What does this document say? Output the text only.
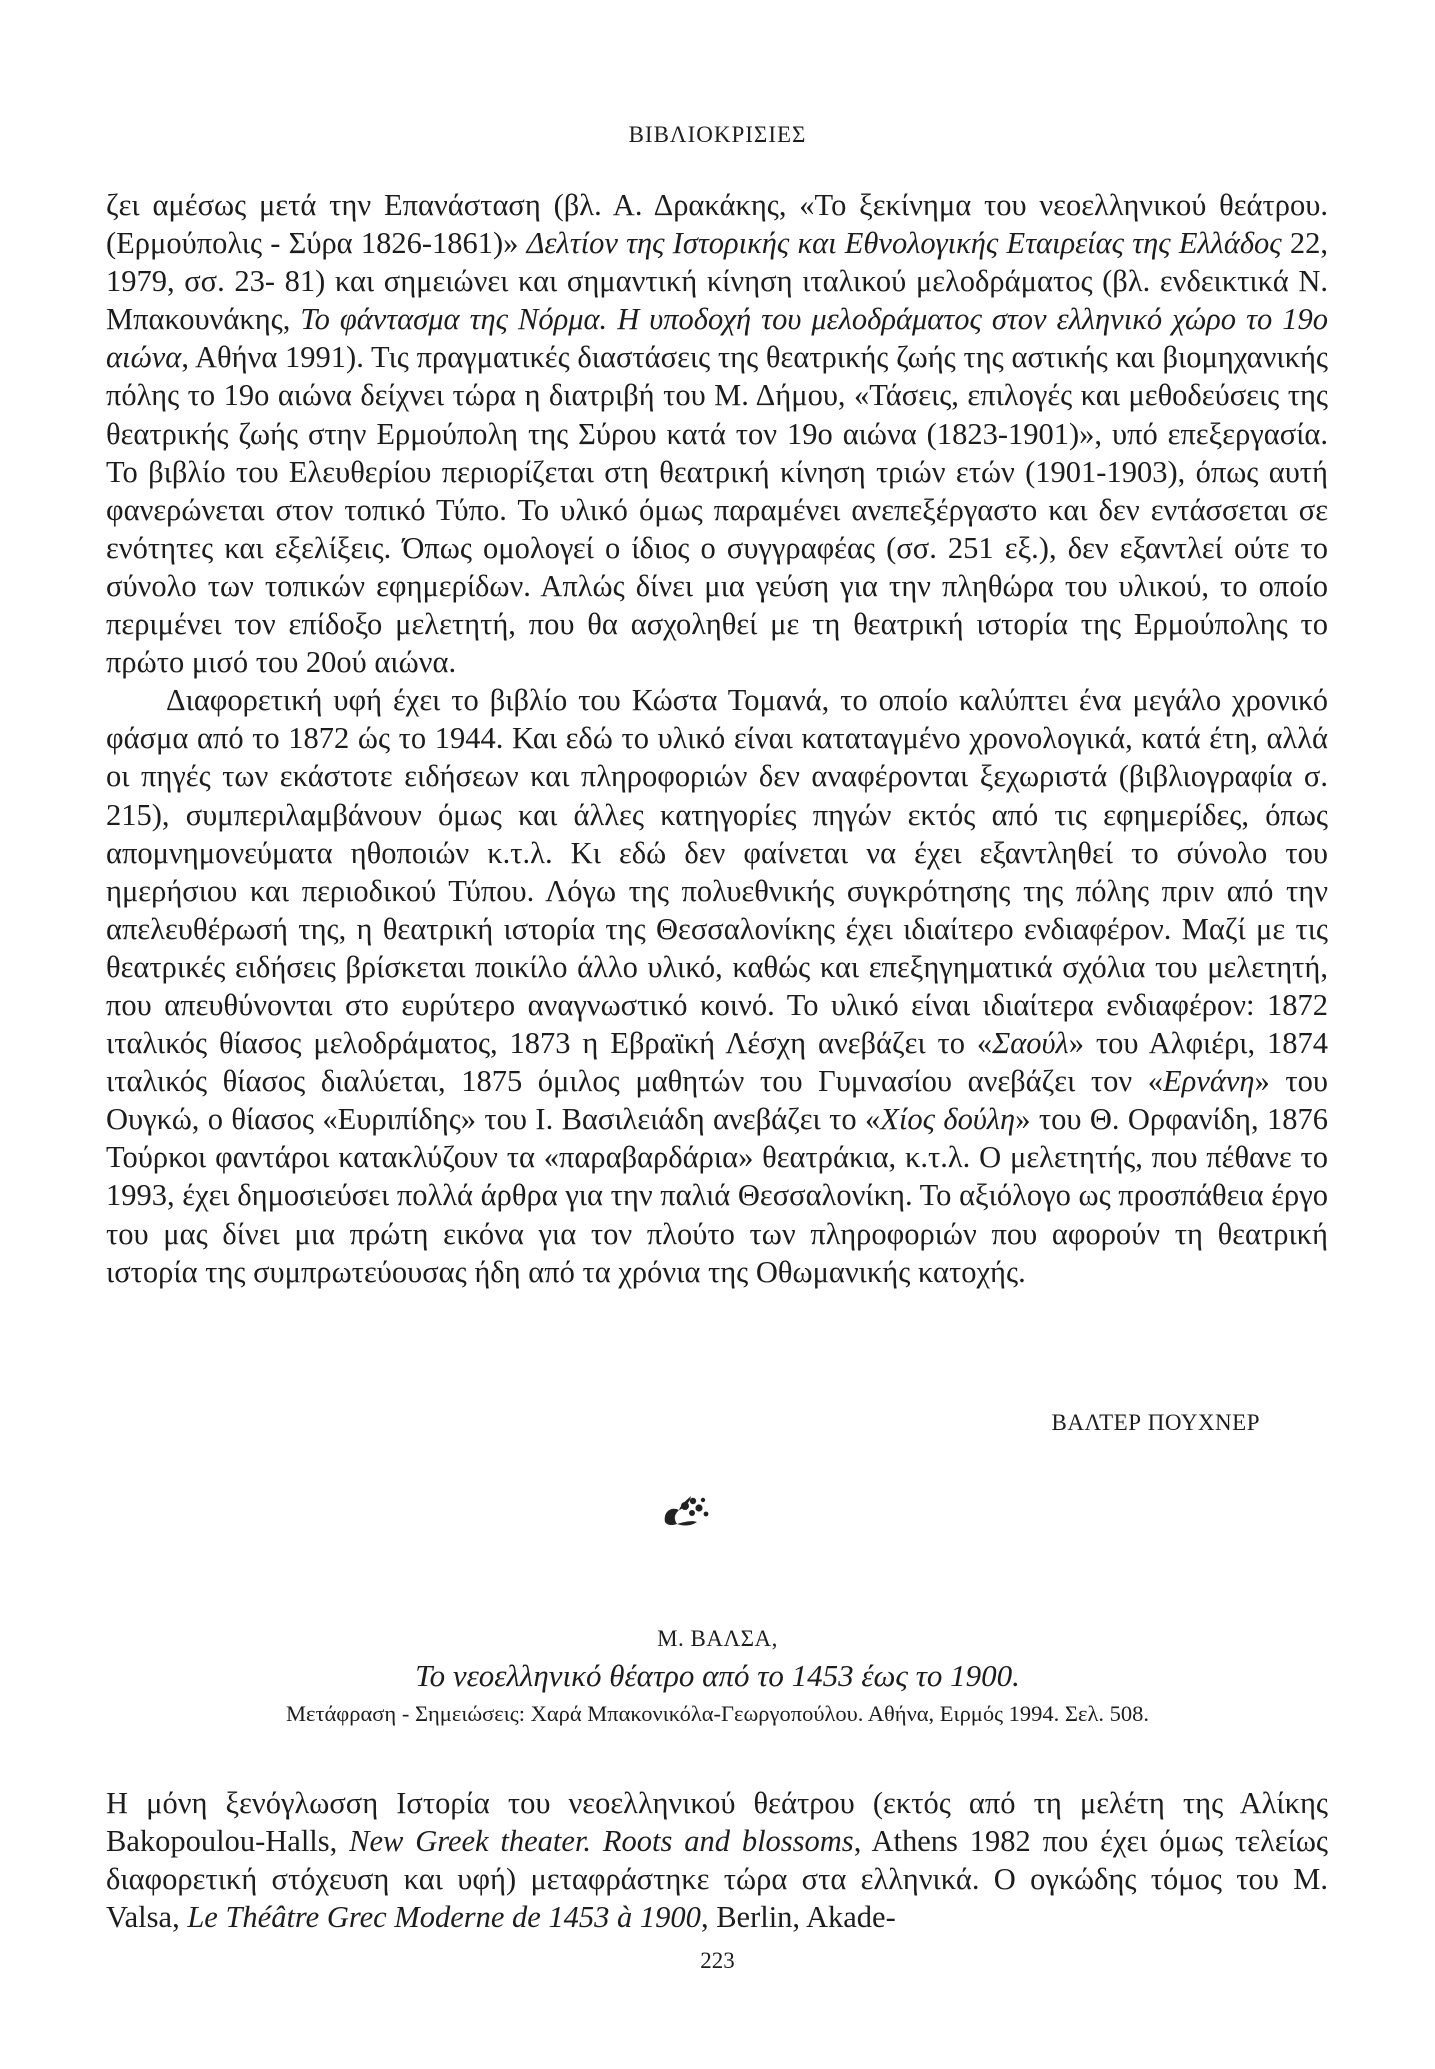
ΒΙΒΛΙΟΚΡΙΣΙΕΣ

ζει αμέσως μετά την Επανάσταση (βλ. Α. Δρακάκης, «Το ξεκίνημα του νεοελληνικού θεάτρου. (Ερμούπολις - Σύρα 1826-1861)» Δελτίον της Ιστορικής και Εθνολογικής Εταιρείας της Ελλάδος 22, 1979, σσ. 23- 81) και σημειώνει και σημαντική κίνηση ιταλικού μελοδράματος (βλ. ενδεικτικά Ν. Μπακουνάκης, Το φάντασμα της Νόρμα. Η υποδοχή του μελοδράματος στον ελληνικό χώρο το 19ο αιώνα, Αθήνα 1991). Τις πραγματικές διαστάσεις της θεατρικής ζωής της αστικής και βιομηχανικής πόλης το 19ο αιώνα δείχνει τώρα η διατριβή του Μ. Δήμου, «Τάσεις, επιλογές και μεθοδεύσεις της θεατρικής ζωής στην Ερμούπολη της Σύρου κατά τον 19ο αιώνα (1823-1901)», υπό επεξεργασία. Το βιβλίο του Ελευθερίου περιορίζεται στη θεατρική κίνηση τριών ετών (1901-1903), όπως αυτή φανερώνεται στον τοπικό Τύπο. Το υλικό όμως παραμένει ανεπεξέργαστο και δεν εντάσσεται σε ενότητες και εξελίξεις. Όπως ομολογεί ο ίδιος ο συγγραφέας (σσ. 251 εξ.), δεν εξαντλεί ούτε το σύνολο των τοπικών εφημερίδων. Απλώς δίνει μια γεύση για την πληθώρα του υλικού, το οποίο περιμένει τον επίδοξο μελετητή, που θα ασχοληθεί με τη θεατρική ιστορία της Ερμούπολης το πρώτο μισό του 20ού αιώνα.

Διαφορετική υφή έχει το βιβλίο του Κώστα Τομανά, το οποίο καλύπτει ένα μεγάλο χρονικό φάσμα από το 1872 ώς το 1944. Και εδώ το υλικό είναι καταταγμένο χρονολογικά, κατά έτη, αλλά οι πηγές των εκάστοτε ειδήσεων και πληροφοριών δεν αναφέρονται ξεχωριστά (βιβλιογραφία σ. 215), συμπεριλαμβάνουν όμως και άλλες κατηγορίες πηγών εκτός από τις εφημερίδες, όπως απομνημονεύματα ηθοποιών κ.τ.λ. Κι εδώ δεν φαίνεται να έχει εξαντληθεί το σύνολο του ημερήσιου και περιοδικού Τύπου. Λόγω της πολυεθνικής συγκρότησης της πόλης πριν από την απελευθέρωσή της, η θεατρική ιστορία της Θεσσαλονίκης έχει ιδιαίτερο ενδιαφέρον. Μαζί με τις θεατρικές ειδήσεις βρίσκεται ποικίλο άλλο υλικό, καθώς και επεξηγηματικά σχόλια του μελετητή, που απευθύνονται στο ευρύτερο αναγνωστικό κοινό. Το υλικό είναι ιδιαίτερα ενδιαφέρον: 1872 ιταλικός θίασος μελοδράματος, 1873 η Εβραϊκή Λέσχη ανεβάζει το «Σαούλ» του Αλφιέρι, 1874 ιταλικός θίασος διαλύεται, 1875 όμιλος μαθητών του Γυμνασίου ανεβάζει τον «Ερνάνη» του Ουγκώ, ο θίασος «Ευριπίδης» του Ι. Βασιλειάδη ανεβάζει το «Χίος δούλη» του Θ. Ορφανίδη, 1876 Τούρκοι φαντάροι κατακλύζουν τα «παραβαρδάρια» θεατράκια, κ.τ.λ. Ο μελετητής, που πέθανε το 1993, έχει δημοσιεύσει πολλά άρθρα για την παλιά Θεσσαλονίκη. Το αξιόλογο ως προσπάθεια έργο του μας δίνει μια πρώτη εικόνα για τον πλούτο των πληροφοριών που αφορούν τη θεατρική ιστορία της συμπρωτεύουσας ήδη από τα χρόνια της Οθωμανικής κατοχής.

ΒΑΛΤΕΡ ΠΟΥΧΝΕΡ
Μ. ΒΑΛΣΑ,
Το νεοελληνικό θέατρο από το 1453 έως το 1900.
Μετάφραση - Σημειώσεις: Χαρά Μπακονικόλα-Γεωργοπούλου. Αθήνα, Ειρμός 1994. Σελ. 508.

Η μόνη ξενόγλωσση Ιστορία του νεοελληνικού θεάτρου (εκτός από τη μελέτη της Αλίκης Bakopoulou-Halls, New Greek theater. Roots and blossoms, Athens 1982 που έχει όμως τελείως διαφορετική στόχευση και υφή) μεταφράστηκε τώρα στα ελληνικά. Ο ογκώδης τόμος του M. Valsa, Le Théâtre Grec Moderne de 1453 à 1900, Berlin, Akade-

223
